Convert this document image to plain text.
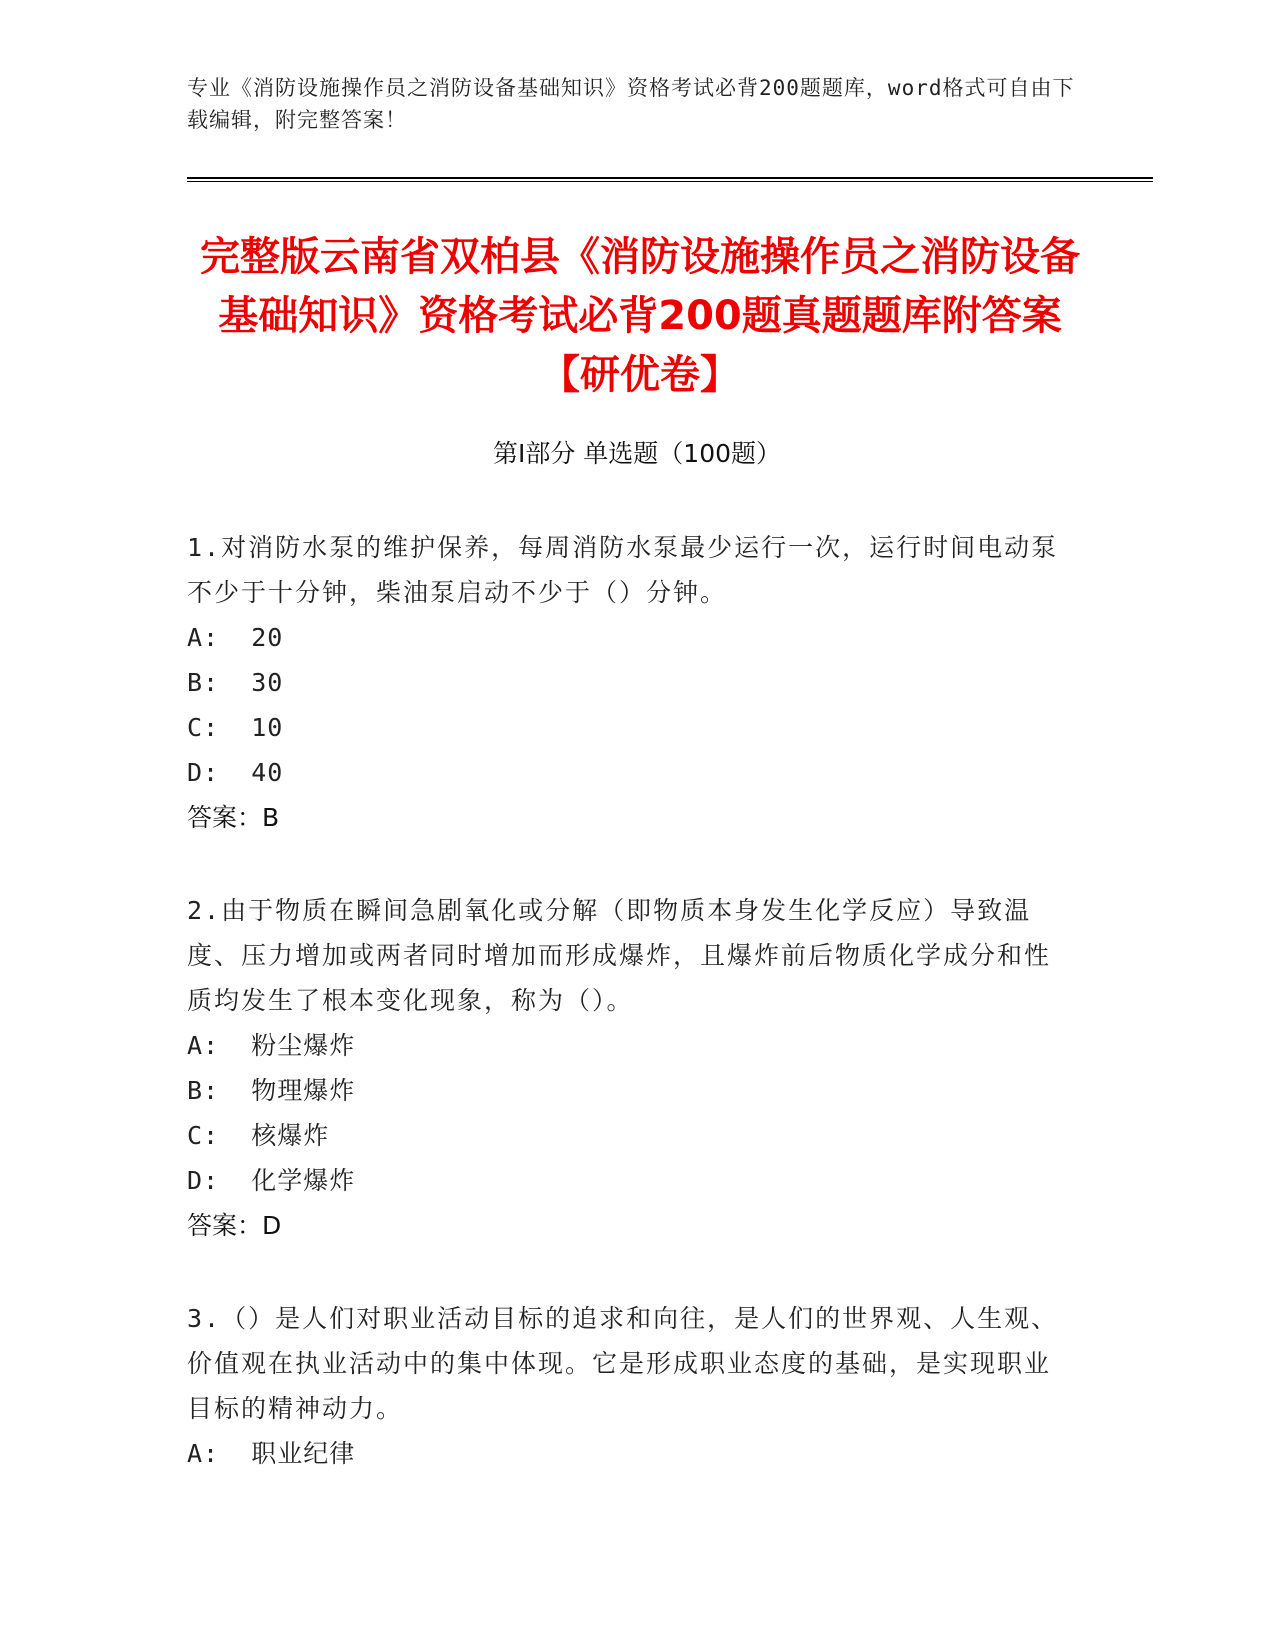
专业《消防设施操作员之消防设备基础知识》资格考试必背200题题库，word格式可自由下载编辑，附完整答案！
完整版云南省双柏县《消防设施操作员之消防设备基础知识》资格考试必背200题真题题库附答案【研优卷】
第Ⅰ部分 单选题（100题）
1.对消防水泵的维护保养，每周消防水泵最少运行一次，运行时间电动泵不少于十分钟，柴油泵启动不少于（）分钟。
A:  20
B:  30
C:  10
D:  40
答案：B
2.由于物质在瞬间急剧氧化或分解（即物质本身发生化学反应）导致温度、压力增加或两者同时增加而形成爆炸，且爆炸前后物质化学成分和性质均发生了根本变化现象，称为（）。
A:  粉尘爆炸
B:  物理爆炸
C:  核爆炸
D:  化学爆炸
答案：D
3.（）是人们对职业活动目标的追求和向往，是人们的世界观、人生观、价值观在执业活动中的集中体现。它是形成职业态度的基础，是实现职业目标的精神动力。
A:  职业纪律
